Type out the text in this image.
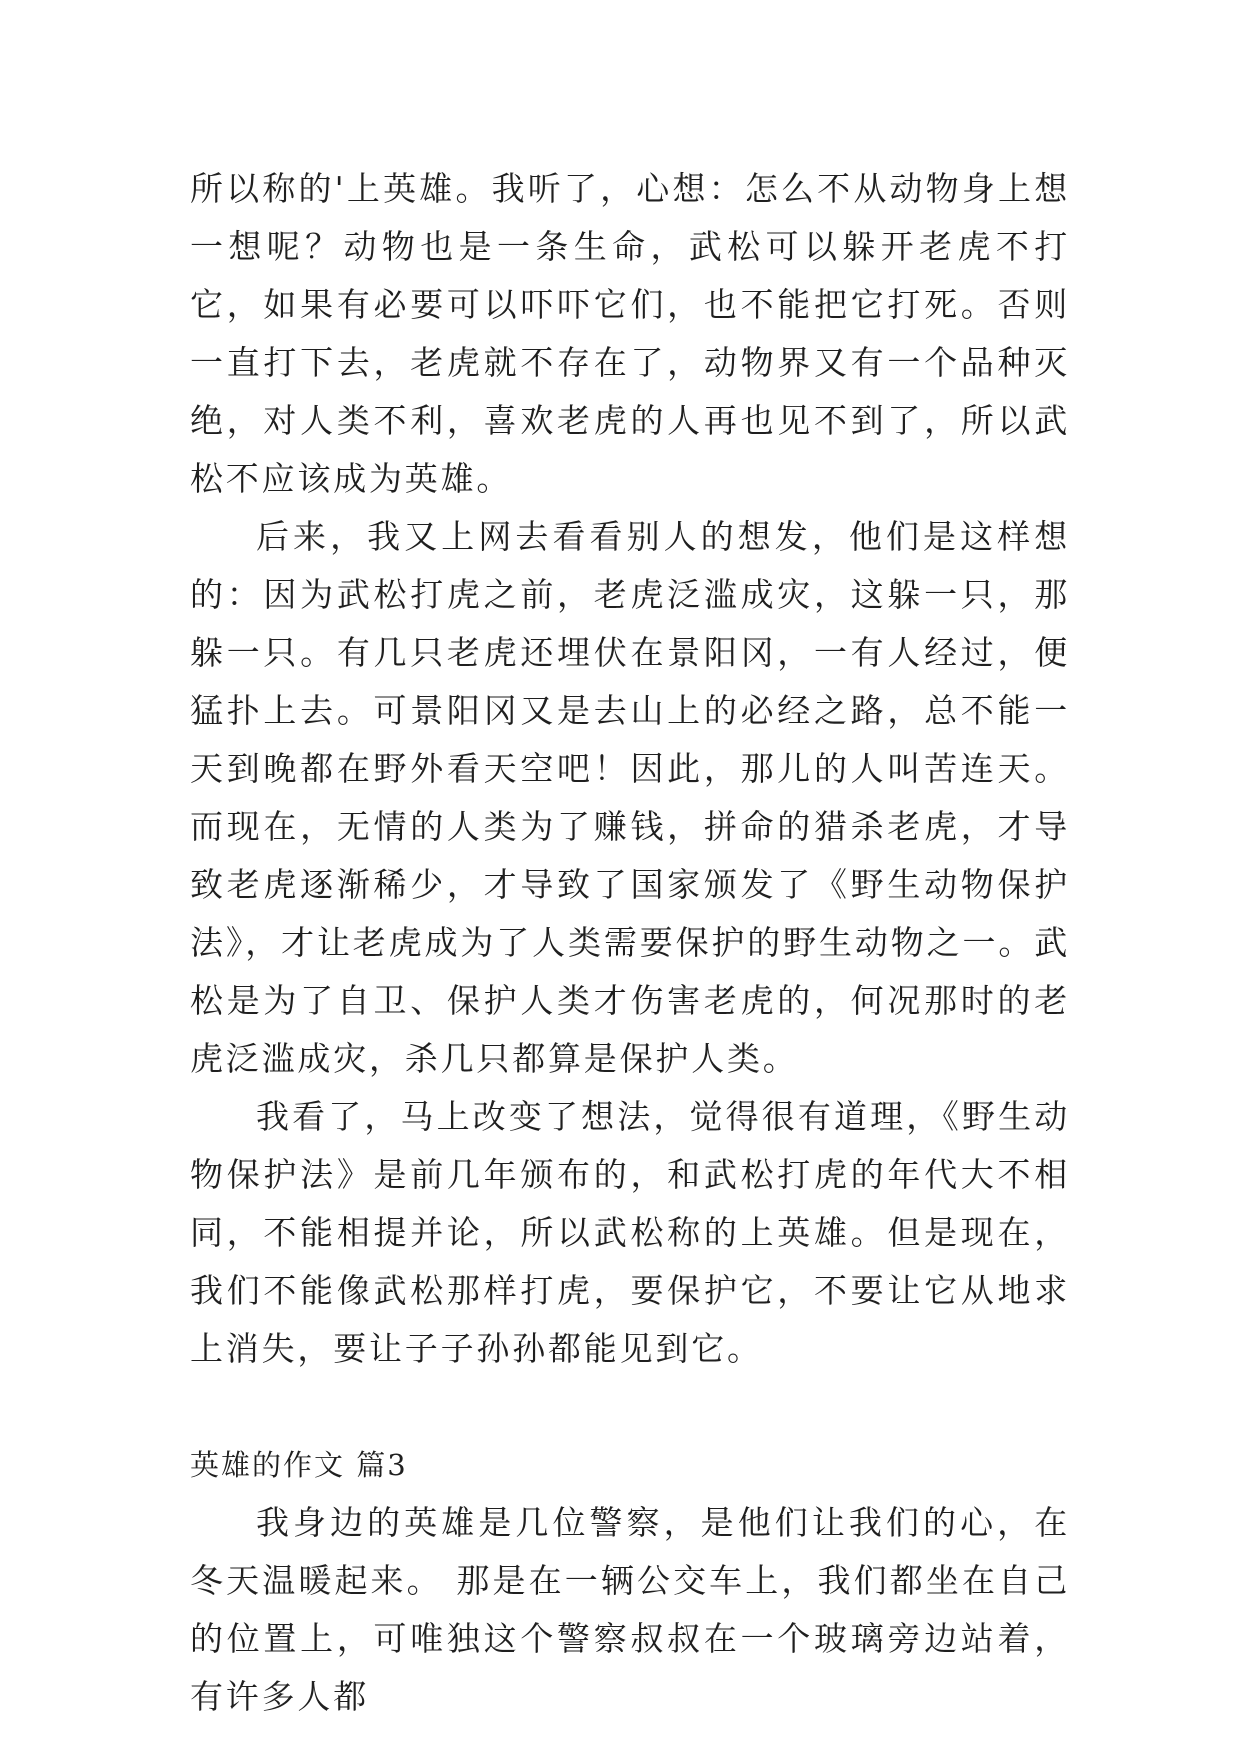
所以称的'上英雄。我听了，心想：怎么不从动物身上想一想呢？动物也是一条生命，武松可以躲开老虎不打它，如果有必要可以吓吓它们，也不能把它打死。否则一直打下去，老虎就不存在了，动物界又有一个品种灭绝，对人类不利，喜欢老虎的人再也见不到了，所以武松不应该成为英雄。

后来，我又上网去看看别人的想发，他们是这样想的：因为武松打虎之前，老虎泛滥成灾，这躲一只，那躲一只。有几只老虎还埋伏在景阳冈，一有人经过，便猛扑上去。可景阳冈又是去山上的必经之路，总不能一天到晚都在野外看天空吧！因此，那儿的人叫苦连天。而现在，无情的人类为了赚钱，拼命的猎杀老虎，才导致老虎逐渐稀少，才导致了国家颁发了《野生动物保护法》，才让老虎成为了人类需要保护的野生动物之一。武松是为了自卫、保护人类才伤害老虎的，何况那时的老虎泛滥成灾，杀几只都算是保护人类。

我看了，马上改变了想法，觉得很有道理，《野生动物保护法》是前几年颁布的，和武松打虎的年代大不相同，不能相提并论，所以武松称的上英雄。但是现在，我们不能像武松那样打虎，要保护它，不要让它从地求上消失，要让子子孙孙都能见到它。

英雄的作文 篇3

我身边的英雄是几位警察，是他们让我们的心，在冬天温暖起来。 那是在一辆公交车上，我们都坐在自己的位置上，可唯独这个警察叔叔在一个玻璃旁边站着，有许多人都
